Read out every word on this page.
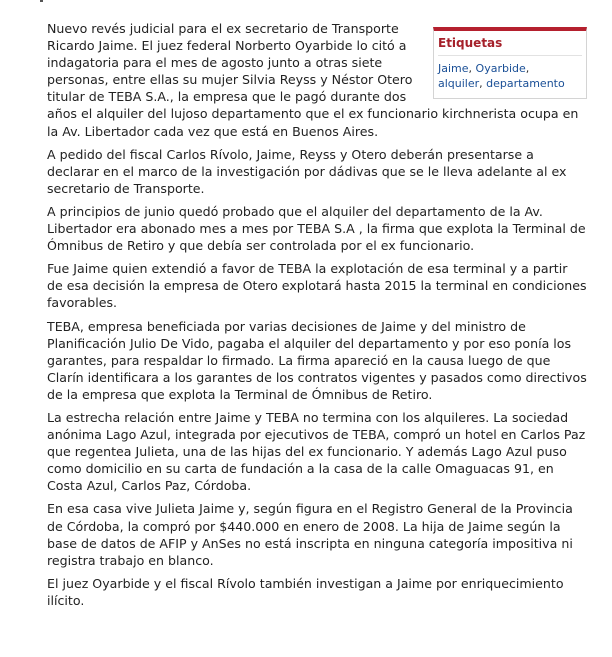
Etiquetas
Jaime, Oyarbide,
alquiler, departamento

Nuevo revés judicial para el ex secretario de Transporte Ricardo Jaime. El juez federal Norberto Oyarbide lo citó a indagatoria para el mes de agosto junto a otras siete personas, entre ellas su mujer Silvia Reyss y Néstor Otero titular de TEBA S.A., la empresa que le pagó durante dos años el alquiler del lujoso departamento que el ex funcionario kirchnerista ocupa en la Av. Libertador cada vez que está en Buenos Aires.

A pedido del fiscal Carlos Rívolo, Jaime, Reyss y Otero deberán presentarse a declarar en el marco de la investigación por dádivas que se le lleva adelante al ex secretario de Transporte.

A principios de junio quedó probado que el alquiler del departamento de la Av. Libertador era abonado mes a mes por TEBA S.A , la firma que explota la Terminal de Ómnibus de Retiro y que debía ser controlada por el ex funcionario.

Fue Jaime quien extendió a favor de TEBA la explotación de esa terminal y a partir de esa decisión la empresa de Otero explotará hasta 2015 la terminal en condiciones favorables.

TEBA, empresa beneficiada por varias decisiones de Jaime y del ministro de Planificación Julio De Vido, pagaba el alquiler del departamento y por eso ponía los garantes, para respaldar lo firmado. La firma apareció en la causa luego de que Clarín identificara a los garantes de los contratos vigentes y pasados como directivos de la empresa que explota la Terminal de Ómnibus de Retiro.

La estrecha relación entre Jaime y TEBA no termina con los alquileres. La sociedad anónima Lago Azul, integrada por ejecutivos de TEBA, compró un hotel en Carlos Paz que regentea Julieta, una de las hijas del ex funcionario. Y además Lago Azul puso como domicilio en su carta de fundación a la casa de la calle Omaguacas 91, en Costa Azul, Carlos Paz, Córdoba.

En esa casa vive Julieta Jaime y, según figura en el Registro General de la Provincia de Córdoba, la compró por $440.000 en enero de 2008. La hija de Jaime según la base de datos de AFIP y AnSes no está inscripta en ninguna categoría impositiva ni registra trabajo en blanco.

El juez Oyarbide y el fiscal Rívolo también investigan a Jaime por enriquecimiento ilícito.
